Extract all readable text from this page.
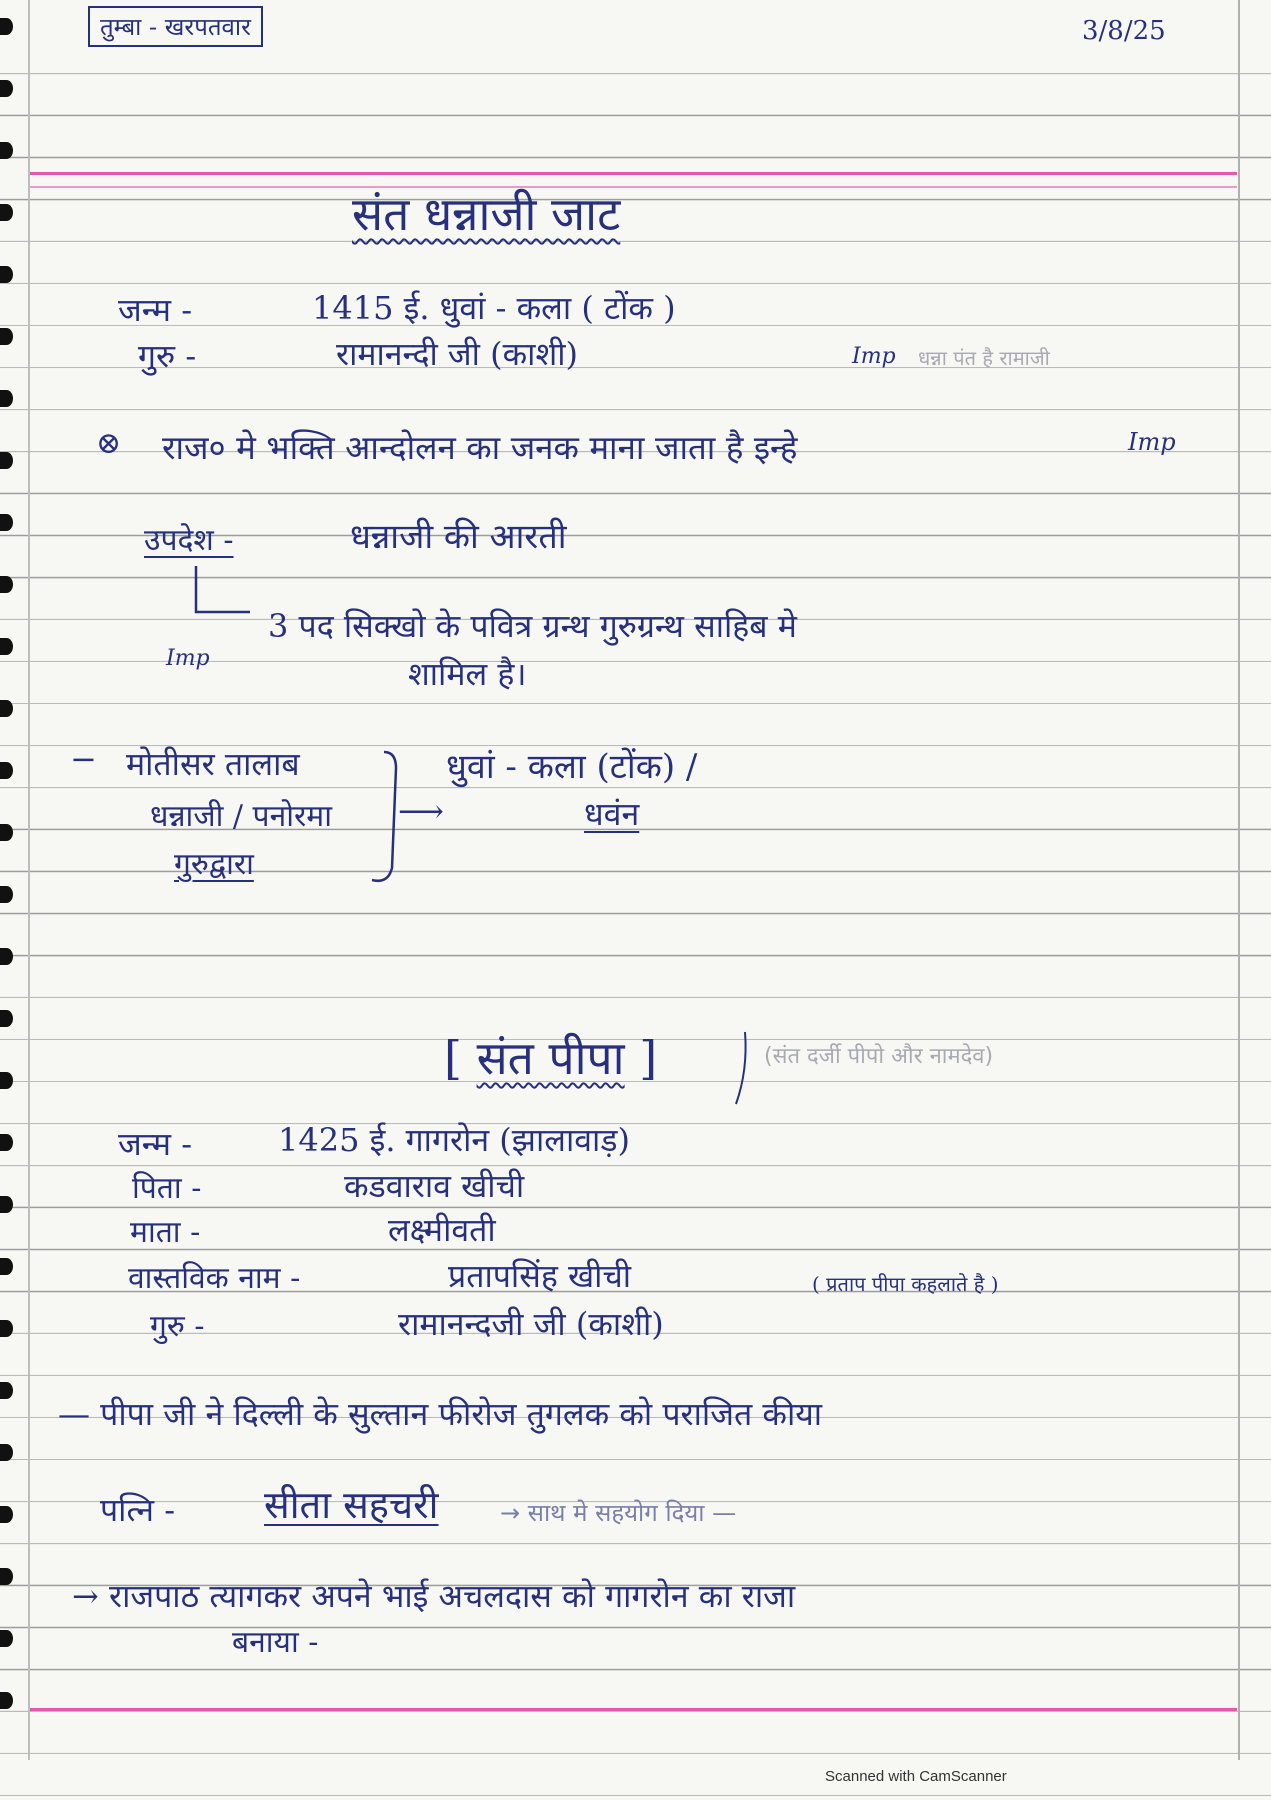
तुम्बा - खरपतवार	3/8/25
संत धन्नाजी जाट
जन्म -	1415 ई. धुवां - कला ( टोंक )
गुरु -	रामानन्दी जी (काशी)	Imp धन्ना पंत है रामाजी
⊗ राज० मे भक्ति आन्दोलन का जनक माना जाता है इन्हे	Imp
उपदेश -	धन्नाजी की आरती
3 पद सिक्खो के पवित्र ग्रन्थ गुरुग्रन्थ साहिब मे
शामिल है।
Imp
− मोतीसर तालाब
धन्नाजी / पनोरमा
गुरुद्वारा
धुवां - कला (टोंक) /
⟶	धवंन
[ संत पीपा ]	(संत दर्जी पीपो और नामदेव)
जन्म -	1425 ई. गागरोन (झालावाड़)
पिता -	कडवाराव खीची
माता -	लक्ष्मीवती
वास्तविक नाम -	प्रतापसिंह खीची	( प्रताप पीपा कहलाते है )
गुरु -	रामानन्दजी जी (काशी)
— पीपा जी ने दिल्ली के सुल्तान फीरोज तुगलक को पराजित कीया
पत्नि - सीता सहचरी	→ साथ मे सहयोग दिया —
→ राजपाठ त्यागकर अपने भाई अचलदास को गागरोन का राजा
बनाया -
Scanned with CamScanner
